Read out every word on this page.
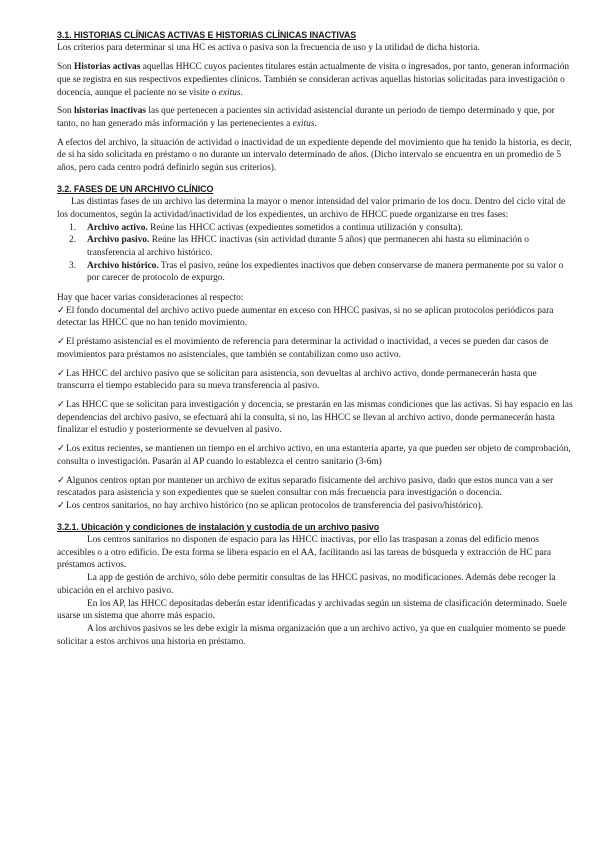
3.1. HISTORIAS CLÍNICAS ACTIVAS E HISTORIAS CLÍNICAS INACTIVAS

Los criterios para determinar si una HC es activa o pasiva son la frecuencia de uso y la utilidad de dicha historia.

Son Historias activas aquellas HHCC cuyos pacientes titulares están actualmente de visita o ingresados, por tanto, generan información que se registra en sus respectivos expedientes clínicos. También se consideran activas aquellas historias solicitadas para investigación o docencia, aunque el paciente no se visite o exitus.

Son historias inactivas las que pertenecen a pacientes sin actividad asistencial durante un periodo de tiempo determinado y que, por tanto, no han generado más información y las pertenecientes a exitus.

A efectos del archivo, la situación de actividad o inactividad de un expediente depende del movimiento que ha tenido la historia, es decir, de si ha sido solicitada en préstamo o no durante un intervalo determinado de años. (Dicho intervalo se encuentra en un promedio de 5 años, pero cada centro podrá definirlo según sus criterios).

3.2. FASES DE UN ARCHIVO CLÍNICO

Las distintas fases de un archivo las determina la mayor o menor intensidad del valor primario de los docu. Dentro del ciclo vital de los documentos, según la actividad/inactividad de los expedientes, un archivo de HHCC puede organizarse en tres fases:

1. Archivo activo. Reúne las HHCC activas (expedientes sometidos a continua utilización y consulta).
2. Archivo pasivo. Reúne las HHCC inactivas (sin actividad durante 5 años) que permanecen ahí hasta su eliminación o transferencia al archivo histórico.
3. Archivo histórico. Tras el pasivo, reúne los expedientes inactivos que deben conservarse de manera permanente por su valor o por carecer de protocolo de expurgo.

Hay que hacer varias consideraciones al respecto:

✓El fondo documental del archivo activo puede aumentar en exceso con HHCC pasivas, si no se aplican protocolos periódicos para detectar las HHCC que no han tenido movimiento.

✓El préstamo asistencial es el movimiento de referencia para determinar la actividad o inactividad, a veces se pueden dar casos de movimientos para préstamos no asistenciales, que también se contabilizan como uso activo.

✓Las HHCC del archivo pasivo que se solicitan para asistencia, son devueltas al archivo activo, donde permanecerán hasta que transcurra el tiempo establecido para su nueva transferencia al pasivo.

✓Las HHCC que se solicitan para investigación y docencia, se prestarán en las mismas condiciones que las activas. Si hay espacio en las dependencias del archivo pasivo, se efectuará ahí la consulta, si no, las HHCC se llevan al archivo activo, donde permanecerán hasta finalizar el estudio y posteriormente se devuelven al pasivo.

✓Los exitus recientes, se mantienen un tiempo en el archivo activo, en una estantería aparte, ya que pueden ser objeto de comprobación, consulta o investigación. Pasarán al AP cuando lo establezca el centro sanitario (3-6m)

✓Algunos centros optan por mantener un archivo de exitus separado físicamente del archivo pasivo, dado que estos nunca van a ser rescatados para asistencia y son expedientes que se suelen consultar con más frecuencia para investigación o docencia.

✓Los centros sanitarios, no hay archivo histórico (no se aplican protocolos de transferencia del pasivo/histórico).

3.2.1. Ubicación y condiciones de instalación y custodia de un archivo pasivo

Los centros sanitarios no disponen de espacio para las HHCC inactivas, por ello las traspasan a zonas del edificio menos accesibles o a otro edificio. De esta forma se libera espacio en el AA, facilitando así las tareas de búsqueda y extracción de HC para préstamos activos.

La app de gestión de archivo, sólo debe permitir consultas de las HHCC pasivas, no modificaciones. Además debe recoger la ubicación en el archivo pasivo.

En los AP, las HHCC depositadas deberán estar identificadas y archivadas según un sistema de clasificación determinado. Suele usarse un sistema que ahorre más espacio.

A los archivos pasivos se les debe exigir la misma organización que a un archivo activo, ya que en cualquier momento se puede solicitar a estos archivos una historia en préstamo.
